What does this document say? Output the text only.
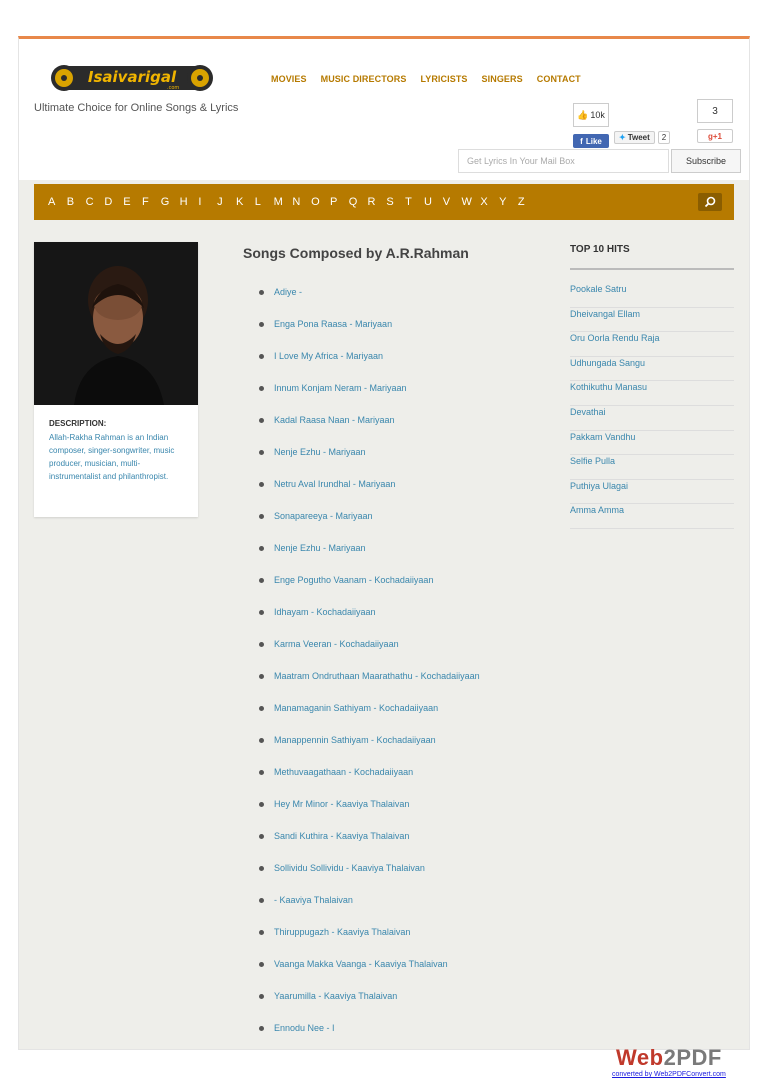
Isaivarigal
.com
Ultimate Choice for Online Songs & Lyrics
MOVIES MUSIC DIRECTORS LYRICISTS SINGERS CONTACT
👍 10k
f Like ✦ Tweet	2
3
g +1
Get Lyrics In Your Mail Box
Subscribe
A	B	C D E	F	G H I	J	K	L	M N O P	Q R S	T	U V	W X	Y	Z
DESCRIPTION:
Allah-Rakha Rahman is an Indian composer, singer-songwriter, music producer, musician, multi-instrumentalist and philanthropist.
Songs Composed by A.R.Rahman
Adiye -
Enga Pona Raasa - Mariyaan
I Love My Africa - Mariyaan
Innum Konjam Neram - Mariyaan
Kadal Raasa Naan - Mariyaan
Nenje Ezhu - Mariyaan
Netru Aval Irundhal - Mariyaan
Sonapareeya - Mariyaan
Nenje Ezhu - Mariyaan
Enge Pogutho Vaanam - Kochadaiiyaan
Idhayam - Kochadaiiyaan
Karma Veeran - Kochadaiiyaan
Maatram Ondruthaan Maarathathu - Kochadaiiyaan
Manamaganin Sathiyam - Kochadaiiyaan
Manappennin Sathiyam - Kochadaiiyaan
Methuvaagathaan - Kochadaiiyaan
Hey Mr Minor - Kaaviya Thalaivan
Sandi Kuthira - Kaaviya Thalaivan
Sollividu Sollividu - Kaaviya Thalaivan
- Kaaviya Thalaivan
Thiruppugazh - Kaaviya Thalaivan
Vaanga Makka Vaanga - Kaaviya Thalaivan
Yaarumilla - Kaaviya Thalaivan
Ennodu Nee - I
TOP 10 HITS
Pookale Satru
Dheivangal Ellam
Oru Oorla Rendu Raja
Udhungada Sangu
Kothikuthu Manasu
Devathai
Pakkam Vandhu
Selfie Pulla
Puthiya Ulagai
Amma Amma
Web2PDF
converted by Web2PDFConvert.com
